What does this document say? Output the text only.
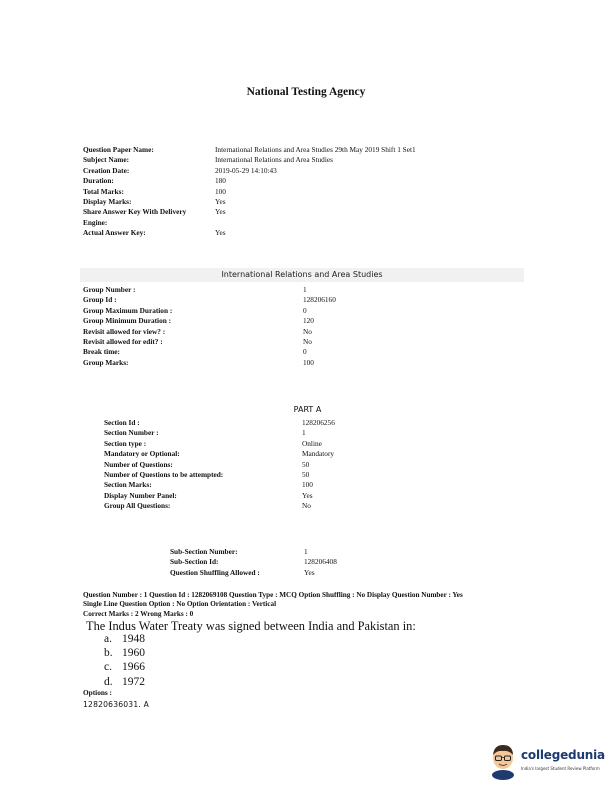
National Testing Agency
Question Paper Name:	International Relations and Area Studies 29th May 2019 Shift 1 Set1
Subject Name:	International Relations and Area Studies
Creation Date:	2019-05-29 14:10:43
Duration:	180
Total Marks:	100
Display Marks:	Yes
Share Answer Key With Delivery Engine:
Yes
Actual Answer Key:	Yes
International Relations and Area Studies
Group Number :	1
Group Id :	128206160
Group Maximum Duration :	0
Group Minimum Duration :	120
Revisit allowed for view? :	No
Revisit allowed for edit? :	No
Break time:	0
Group Marks:	100
PART A
Section Id :	128206256
Section Number :	1
Section type :	Online
Mandatory or Optional:	Mandatory
Number of Questions:	50
Number of Questions to be attempted:	50
Section Marks:	100
Display Number Panel:	Yes
Group All Questions:	No
Sub-Section Number:	1
Sub-Section Id:	128206408
Question Shuffling Allowed :	Yes
Question Number : 1 Question Id : 1282069108 Question Type : MCQ Option Shuffling : No Display Question Number : Yes
Single Line Question Option : No Option Orientation : Vertical
Correct Marks : 2 Wrong Marks : 0
The Indus Water Treaty was signed between India and Pakistan in:
a. 1948
b. 1960
c. 1966
d. 1972
Options :
12820636031. A
collegedunia
India's largest Student Review Platform
